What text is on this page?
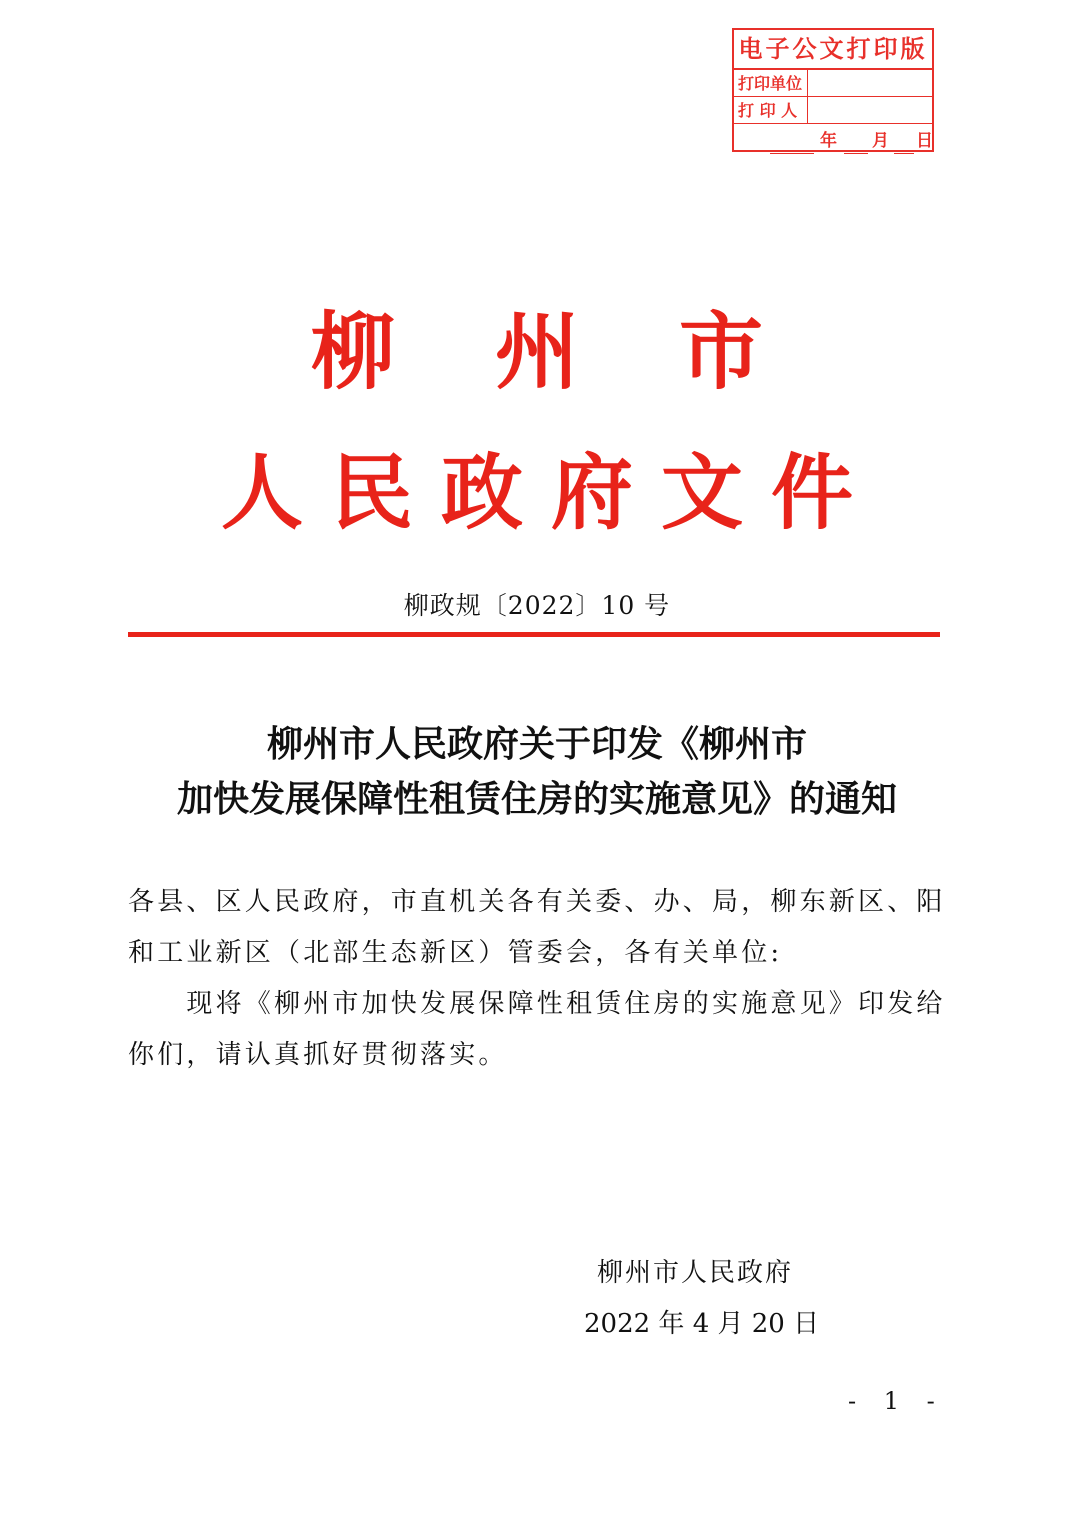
电子公文打印版
打印单位
打 印 人
年 月 日
柳州市
人民政府文件
柳政规〔2022〕10 号
柳州市人民政府关于印发《柳州市
加快发展保障性租赁住房的实施意见》的通知
各县、区人民政府，市直机关各有关委、办、局，柳东新区、阳
和工业新区（北部生态新区）管委会，各有关单位:
　　现将《柳州市加快发展保障性租赁住房的实施意见》印发给
你们，请认真抓好贯彻落实。
柳州市人民政府
2022 年 4 月 20 日
- 1 -
